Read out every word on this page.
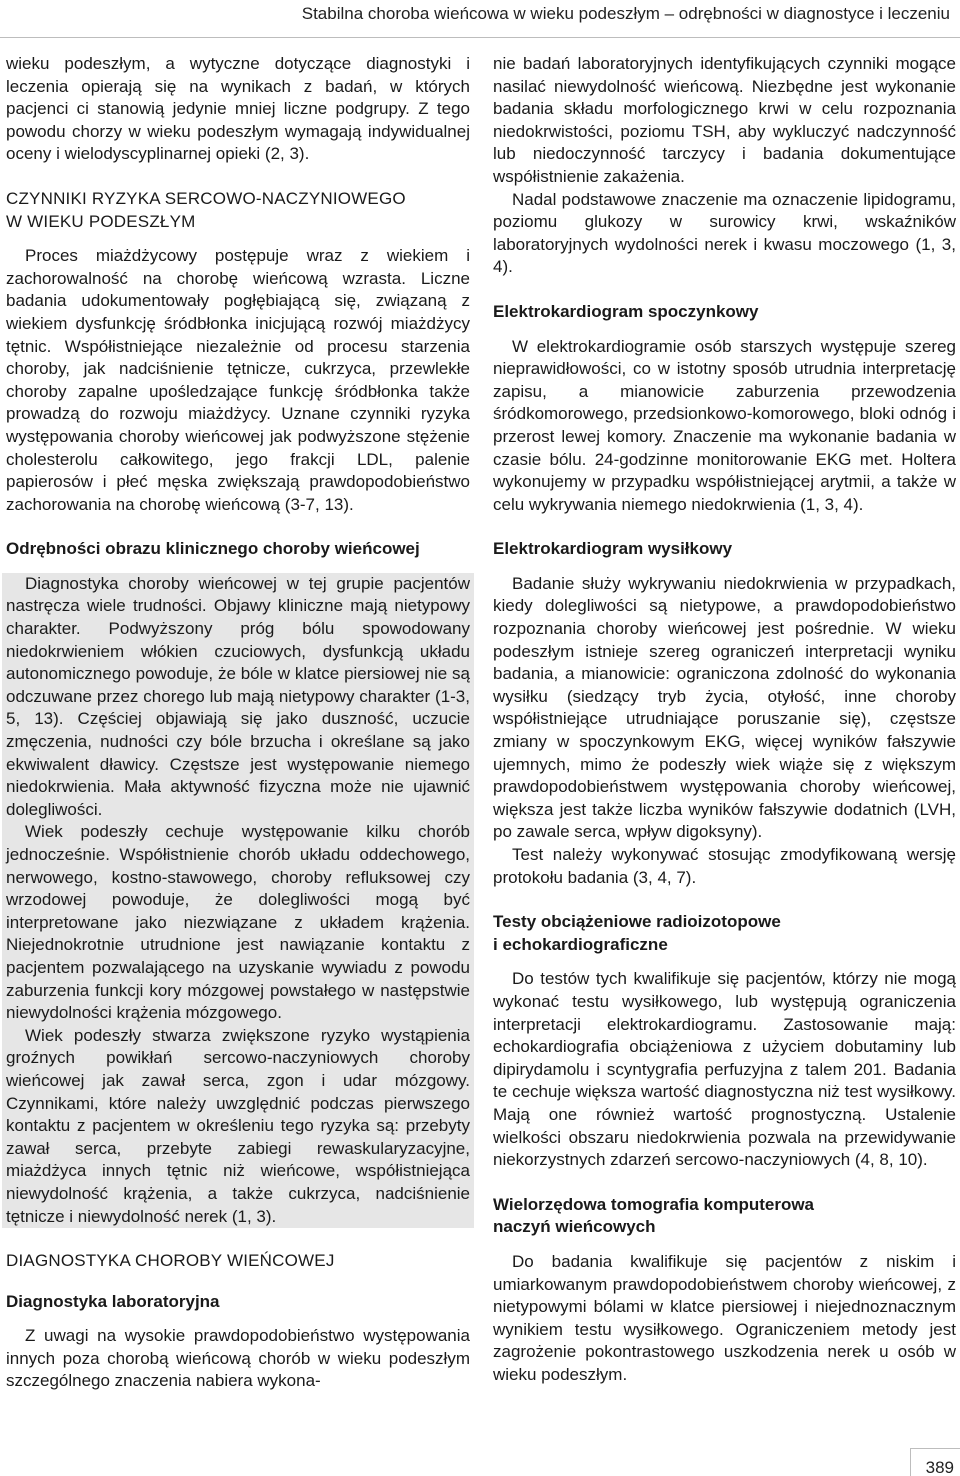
Stabilna choroba wieńcowa w wieku podeszłym – odrębności w diagnostyce i leczeniu

wieku podeszłym, a wytyczne dotyczące diagnostyki i leczenia opierają się na wynikach z badań, w których pacjenci ci stanowią jedynie mniej liczne podgrupy. Z tego powodu chorzy w wieku podeszłym wymagają indywidualnej oceny i wielodyscyplinarnej opieki (2, 3).

CZYNNIKI RYZYKA SERCOWO-NACZYNIOWEGO
W WIEKU PODESZŁYM

Proces miażdżycowy postępuje wraz z wiekiem i zachorowalność na chorobę wieńcową wzrasta. Liczne badania udokumentowały pogłębiającą się, związaną z wiekiem dysfunkcję śródbłonka inicjującą rozwój miażdżycy tętnic. Współistniejące niezależnie od procesu starzenia choroby, jak nadciśnienie tętnicze, cukrzyca, przewlekłe choroby zapalne upośledzające funkcję śródbłonka także prowadzą do rozwoju miażdżycy. Uznane czynniki ryzyka występowania choroby wieńcowej jak podwyższone stężenie cholesterolu całkowitego, jego frakcji LDL, palenie papierosów i płeć męska zwiększają prawdopodobieństwo zachorowania na chorobę wieńcową (3-7, 13).

Odrębności obrazu klinicznego choroby wieńcowej

Diagnostyka choroby wieńcowej w tej grupie pacjentów nastręcza wiele trudności. Objawy kliniczne mają nietypowy charakter. Podwyższony próg bólu spowodowany niedokrwieniem włókien czuciowych, dysfunkcją układu autonomicznego powoduje, że bóle w klatce piersiowej nie są odczuwane przez chorego lub mają nietypowy charakter (1-3, 5, 13). Częściej objawiają się jako duszność, uczucie zmęczenia, nudności czy bóle brzucha i określane są jako ekwiwalent dławicy. Częstsze jest występowanie niemego niedokrwienia. Mała aktywność fizyczna może nie ujawnić dolegliwości.

Wiek podeszły cechuje występowanie kilku chorób jednocześnie. Współistnienie chorób układu oddechowego, nerwowego, kostno-stawowego, choroby refluksowej czy wrzodowej powoduje, że dolegliwości mogą być interpretowane jako niezwiązane z układem krążenia. Niejednokrotnie utrudnione jest nawiązanie kontaktu z pacjentem pozwalającego na uzyskanie wywiadu z powodu zaburzenia funkcji kory mózgowej powstałego w następstwie niewydolności krążenia mózgowego.

Wiek podeszły stwarza zwiększone ryzyko wystąpienia groźnych powikłań sercowo-naczyniowych choroby wieńcowej jak zawał serca, zgon i udar mózgowy. Czynnikami, które należy uwzględnić podczas pierwszego kontaktu z pacjentem w określeniu tego ryzyka są: przebyty zawał serca, przebyte zabiegi rewaskularyzacyjne, miażdżyca innych tętnic niż wieńcowe, współistniejąca niewydolność krążenia, a także cukrzyca, nadciśnienie tętnicze i niewydolność nerek (1, 3).

DIAGNOSTYKA CHOROBY WIEŃCOWEJ
Diagnostyka laboratoryjna

Z uwagi na wysokie prawdopodobieństwo występowania innych poza chorobą wieńcową chorób w wieku podeszłym szczególnego znaczenia nabiera wykona-

nie badań laboratoryjnych identyfikujących czynniki mogące nasilać niewydolność wieńcową. Niezbędne jest wykonanie badania składu morfologicznego krwi w celu rozpoznania niedokrwistości, poziomu TSH, aby wykluczyć nadczynność lub niedoczynność tarczycy i badania dokumentujące współistnienie zakażenia.

Nadal podstawowe znaczenie ma oznaczenie lipidogramu, poziomu glukozy w surowicy krwi, wskaźników laboratoryjnych wydolności nerek i kwasu moczowego (1, 3, 4).

Elektrokardiogram spoczynkowy

W elektrokardiogramie osób starszych występuje szereg nieprawidłowości, co w istotny sposób utrudnia interpretację zapisu, a mianowicie zaburzenia przewodzenia śródkomorowego, przedsionkowo-komorowego, bloki odnóg i przerost lewej komory. Znaczenie ma wykonanie badania w czasie bólu. 24-godzinne monitorowanie EKG met. Holtera wykonujemy w przypadku współistniejącej arytmii, a także w celu wykrywania niemego niedokrwienia (1, 3, 4).

Elektrokardiogram wysiłkowy

Badanie służy wykrywaniu niedokrwienia w przypadkach, kiedy dolegliwości są nietypowe, a prawdopodobieństwo rozpoznania choroby wieńcowej jest pośrednie. W wieku podeszłym istnieje szereg ograniczeń interpretacji wyniku badania, a mianowicie: ograniczona zdolność do wykonania wysiłku (siedzący tryb życia, otyłość, inne choroby współistniejące utrudniające poruszanie się), częstsze zmiany w spoczynkowym EKG, więcej wyników fałszywie ujemnych, mimo że podeszły wiek wiąże się z większym prawdopodobieństwem występowania choroby wieńcowej, większa jest także liczba wyników fałszywie dodatnich (LVH, po zawale serca, wpływ digoksyny).

Test należy wykonywać stosując zmodyfikowaną wersję protokołu badania (3, 4, 7).

Testy obciążeniowe radioizotopowe
i echokardiograficzne

Do testów tych kwalifikuje się pacjentów, którzy nie mogą wykonać testu wysiłkowego, lub występują ograniczenia interpretacji elektrokardiogramu. Zastosowanie mają: echokardiografia obciążeniowa z użyciem dobutaminy lub dipirydamolu i scyntygrafia perfuzyjna z talem 201. Badania te cechuje większa wartość diagnostyczna niż test wysiłkowy. Mają one również wartość prognostyczną. Ustalenie wielkości obszaru niedokrwienia pozwala na przewidywanie niekorzystnych zdarzeń sercowo-naczyniowych (4, 8, 10).

Wielorzędowa tomografia komputerowa
naczyń wieńcowych

Do badania kwalifikuje się pacjentów z niskim i umiarkowanym prawdopodobieństwem choroby wieńcowej, z nietypowymi bólami w klatce piersiowej i niejednoznacznym wynikiem testu wysiłkowego. Ograniczeniem metody jest zagrożenie pokontrastowego uszkodzenia nerek u osób w wieku podeszłym.

389
